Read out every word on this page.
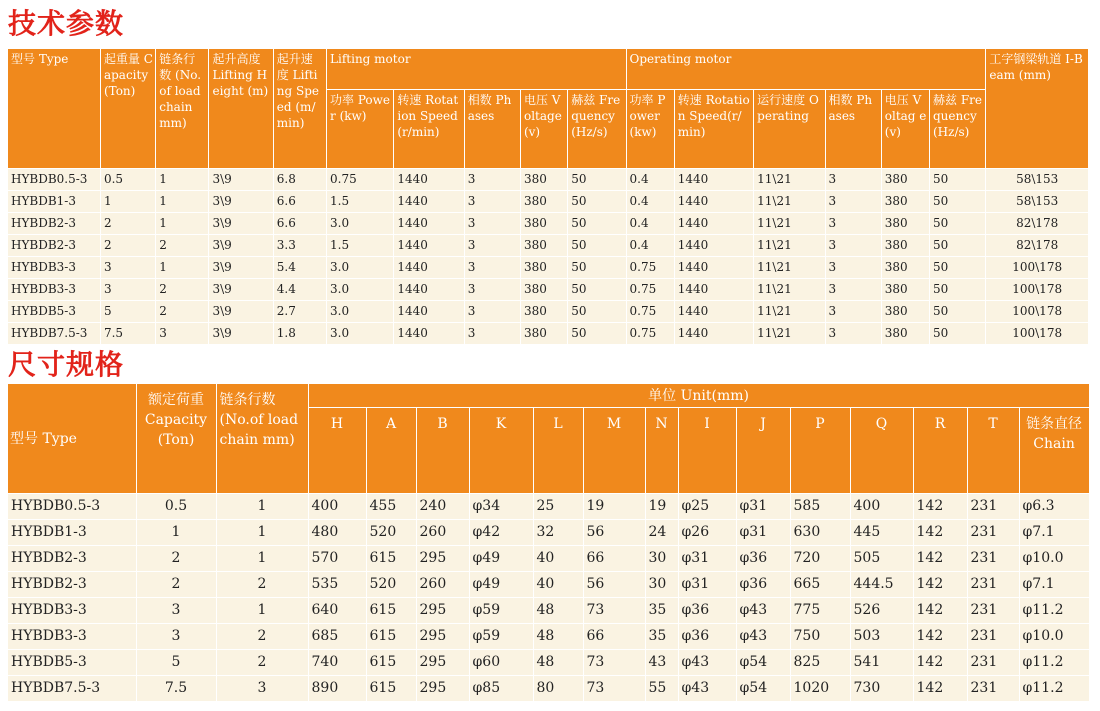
技术参数
型号 Type	起重量 Capacity (Ton)	链条行数 (No.of load chain mm)	起升高度 Lifting Height (m)	起升速度 Lifting Speed (m/min)	Lifting motor					Operating motor						工字钢梁轨道 I-Beam (mm)
					功率 Power (kw)	转速 Rotation Speed (r/min)	相数 Phases	电压 Voltage(v)	赫兹 Frequency (Hz/s)	功率 Power(kw)	转速 Rotation Speed(r/min)	运行速度 Operating	相数 Phases	电压 Voltag e (v)	赫兹 Frequency (Hz/s)	
HYBDB0.5-3	0.5	1	3\9	6.8	0.75	1440	3	380	50	0.4	1440	11\21	3	380	50	58\153
HYBDB1-3	1	1	3\9	6.6	1.5	1440	3	380	50	0.4	1440	11\21	3	380	50	58\153
HYBDB2-3	2	1	3\9	6.6	3.0	1440	3	380	50	0.4	1440	11\21	3	380	50	82\178
HYBDB2-3	2	2	3\9	3.3	1.5	1440	3	380	50	0.4	1440	11\21	3	380	50	82\178
HYBDB3-3	3	1	3\9	5.4	3.0	1440	3	380	50	0.75	1440	11\21	3	380	50	100\178
HYBDB3-3	3	2	3\9	4.4	3.0	1440	3	380	50	0.75	1440	11\21	3	380	50	100\178
HYBDB5-3	5	2	3\9	2.7	3.0	1440	3	380	50	0.75	1440	11\21	3	380	50	100\178
HYBDB7.5-3	7.5	3	3\9	1.8	3.0	1440	3	380	50	0.75	1440	11\21	3	380	50	100\178
尺寸规格
型号 Type	额定荷重 Capacity (Ton)	链条行数 (No.of load chain mm)	单位 Unit(mm)													
			H	A	B	K	L	M	N	I	J	P	Q	R	T	链条直径 Chain
HYBDB0.5-3	0.5	1	400	455	240	φ34	25	19	19	φ25	φ31	585	400	142	231	φ6.3
HYBDB1-3	1	1	480	520	260	φ42	32	56	24	φ26	φ31	630	445	142	231	φ7.1
HYBDB2-3	2	1	570	615	295	φ49	40	66	30	φ31	φ36	720	505	142	231	φ10.0
HYBDB2-3	2	2	535	520	260	φ49	40	56	30	φ31	φ36	665	444.5	142	231	φ7.1
HYBDB3-3	3	1	640	615	295	φ59	48	73	35	φ36	φ43	775	526	142	231	φ11.2
HYBDB3-3	3	2	685	615	295	φ59	48	66	35	φ36	φ43	750	503	142	231	φ10.0
HYBDB5-3	5	2	740	615	295	φ60	48	73	43	φ43	φ54	825	541	142	231	φ11.2
HYBDB7.5-3	7.5	3	890	615	295	φ85	80	73	55	φ43	φ54	1020	730	142	231	φ11.2
